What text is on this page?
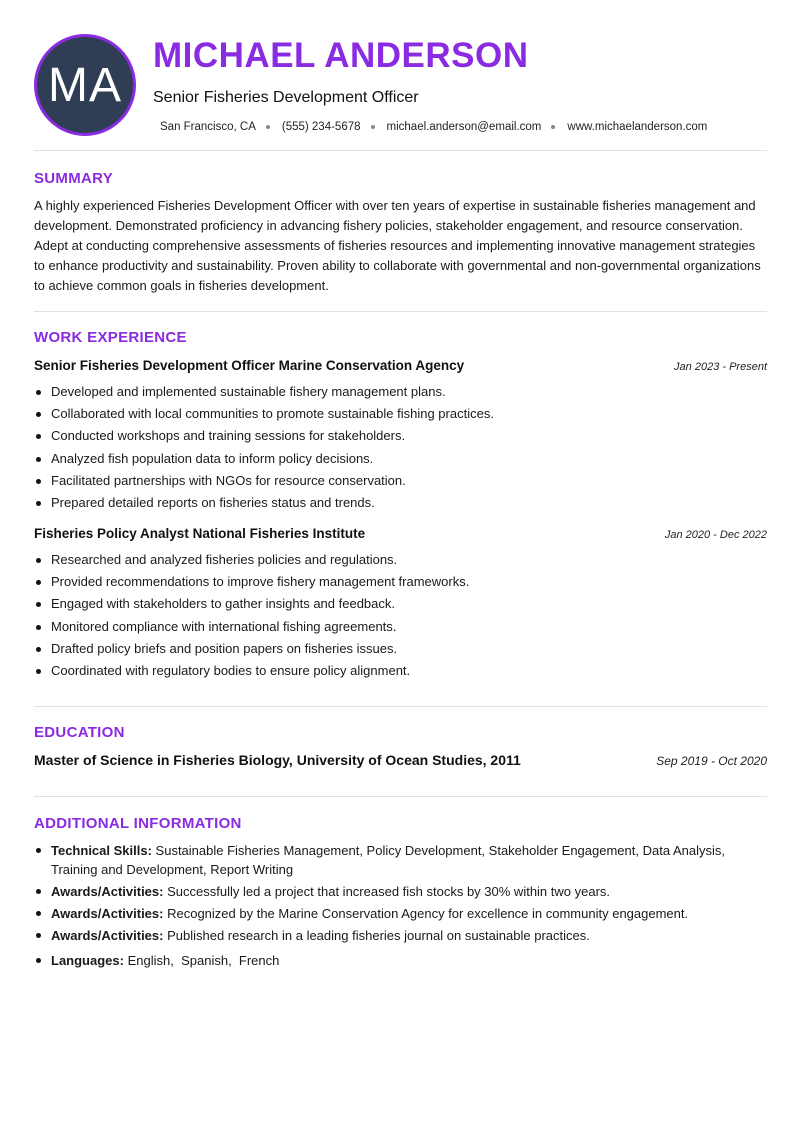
MA
MICHAEL ANDERSON
Senior Fisheries Development Officer
San Francisco, CA (555) 234-5678 michael.anderson@email.com www.michaelanderson.com
SUMMARY

A highly experienced Fisheries Development Officer with over ten years of expertise in sustainable fisheries management and development. Demonstrated proficiency in advancing fishery policies, stakeholder engagement, and resource conservation. Adept at conducting comprehensive assessments of fisheries resources and implementing innovative management strategies to enhance productivity and sustainability. Proven ability to collaborate with governmental and non-governmental organizations to achieve common goals in fisheries development.

WORK EXPERIENCE
Senior Fisheries Development Officer Marine Conservation Agency	Jan 2023 - Present
Developed and implemented sustainable fishery management plans.
Collaborated with local communities to promote sustainable fishing practices.
Conducted workshops and training sessions for stakeholders.
Analyzed fish population data to inform policy decisions.
Facilitated partnerships with NGOs for resource conservation.
Prepared detailed reports on fisheries status and trends.
Fisheries Policy Analyst National Fisheries Institute	Jan 2020 - Dec 2022
Researched and analyzed fisheries policies and regulations.
Provided recommendations to improve fishery management frameworks.
Engaged with stakeholders to gather insights and feedback.
Monitored compliance with international fishing agreements.
Drafted policy briefs and position papers on fisheries issues.
Coordinated with regulatory bodies to ensure policy alignment.
EDUCATION
Master of Science in Fisheries Biology, University of Ocean Studies, 2011	Sep 2019 - Oct 2020
ADDITIONAL INFORMATION
Technical Skills: Sustainable Fisheries Management, Policy Development, Stakeholder Engagement, Data Analysis, Training and Development, Report Writing
Awards/Activities: Successfully led a project that increased fish stocks by 30% within two years.
Awards/Activities: Recognized by the Marine Conservation Agency for excellence in community engagement.
Awards/Activities: Published research in a leading fisheries journal on sustainable practices.
Languages: English , Spanish , French
